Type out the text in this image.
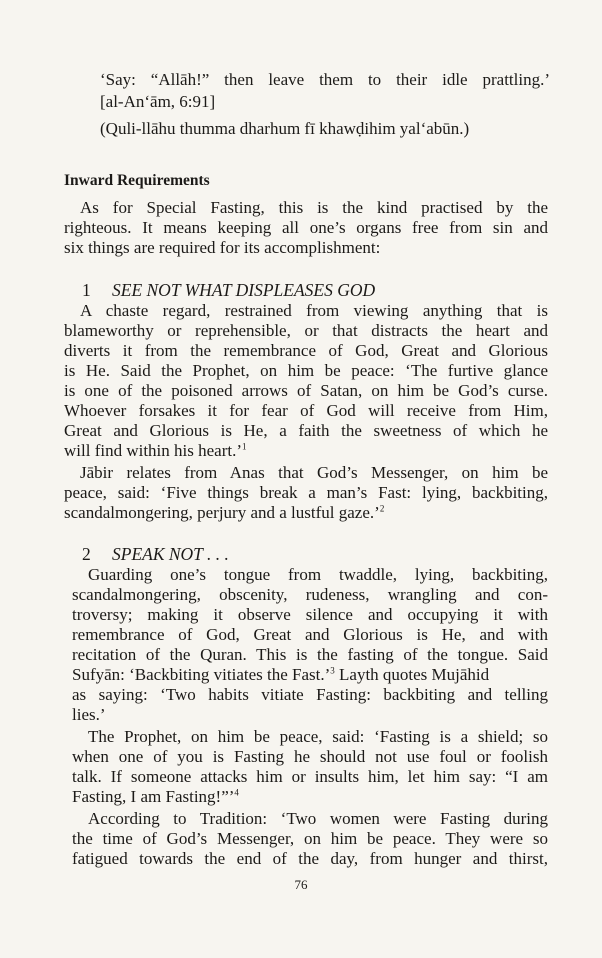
‘Say: “Allāh!” then leave them to their idle prattling.’
[al-An‘ām, 6:91]
(Quli-llāhu thumma dharhum fī khawḍihim yal‘abūn.)
Inward Requirements
As for Special Fasting, this is the kind practised by the
righteous. It means keeping all one’s organs free from sin and
six things are required for its accomplishment:
1 SEE NOT WHAT DISPLEASES GOD
A chaste regard, restrained from viewing anything that is
blameworthy or reprehensible, or that distracts the heart and
diverts it from the remembrance of God, Great and Glorious
is He. Said the Prophet, on him be peace: ‘The furtive glance
is one of the poisoned arrows of Satan, on him be God’s curse.
Whoever forsakes it for fear of God will receive from Him,
Great and Glorious is He, a faith the sweetness of which he
will find within his heart.’$^1$
Jābir relates from Anas that God’s Messenger, on him be
peace, said: ‘Five things break a man’s Fast: lying, backbiting,
scandalmongering, perjury and a lustful gaze.’$^2$
2 SPEAK NOT . . .
Guarding one’s tongue from twaddle, lying, backbiting,
scandalmongering, obscenity, rudeness, wrangling and con-
troversy; making it observe silence and occupying it with
remembrance of God, Great and Glorious is He, and with
recitation of the Quran. This is the fasting of the tongue. Said
Sufyān: ‘Backbiting vitiates the Fast.’$^3$ Layth quotes Mujāhid
as saying: ‘Two habits vitiate Fasting: backbiting and telling
lies.’
The Prophet, on him be peace, said: ‘Fasting is a shield; so
when one of you is Fasting he should not use foul or foolish
talk. If someone attacks him or insults him, let him say: “I am
Fasting, I am Fasting!”’$^4$
According to Tradition: ‘Two women were Fasting during
the time of God’s Messenger, on him be peace. They were so
fatigued towards the end of the day, from hunger and thirst,
76
